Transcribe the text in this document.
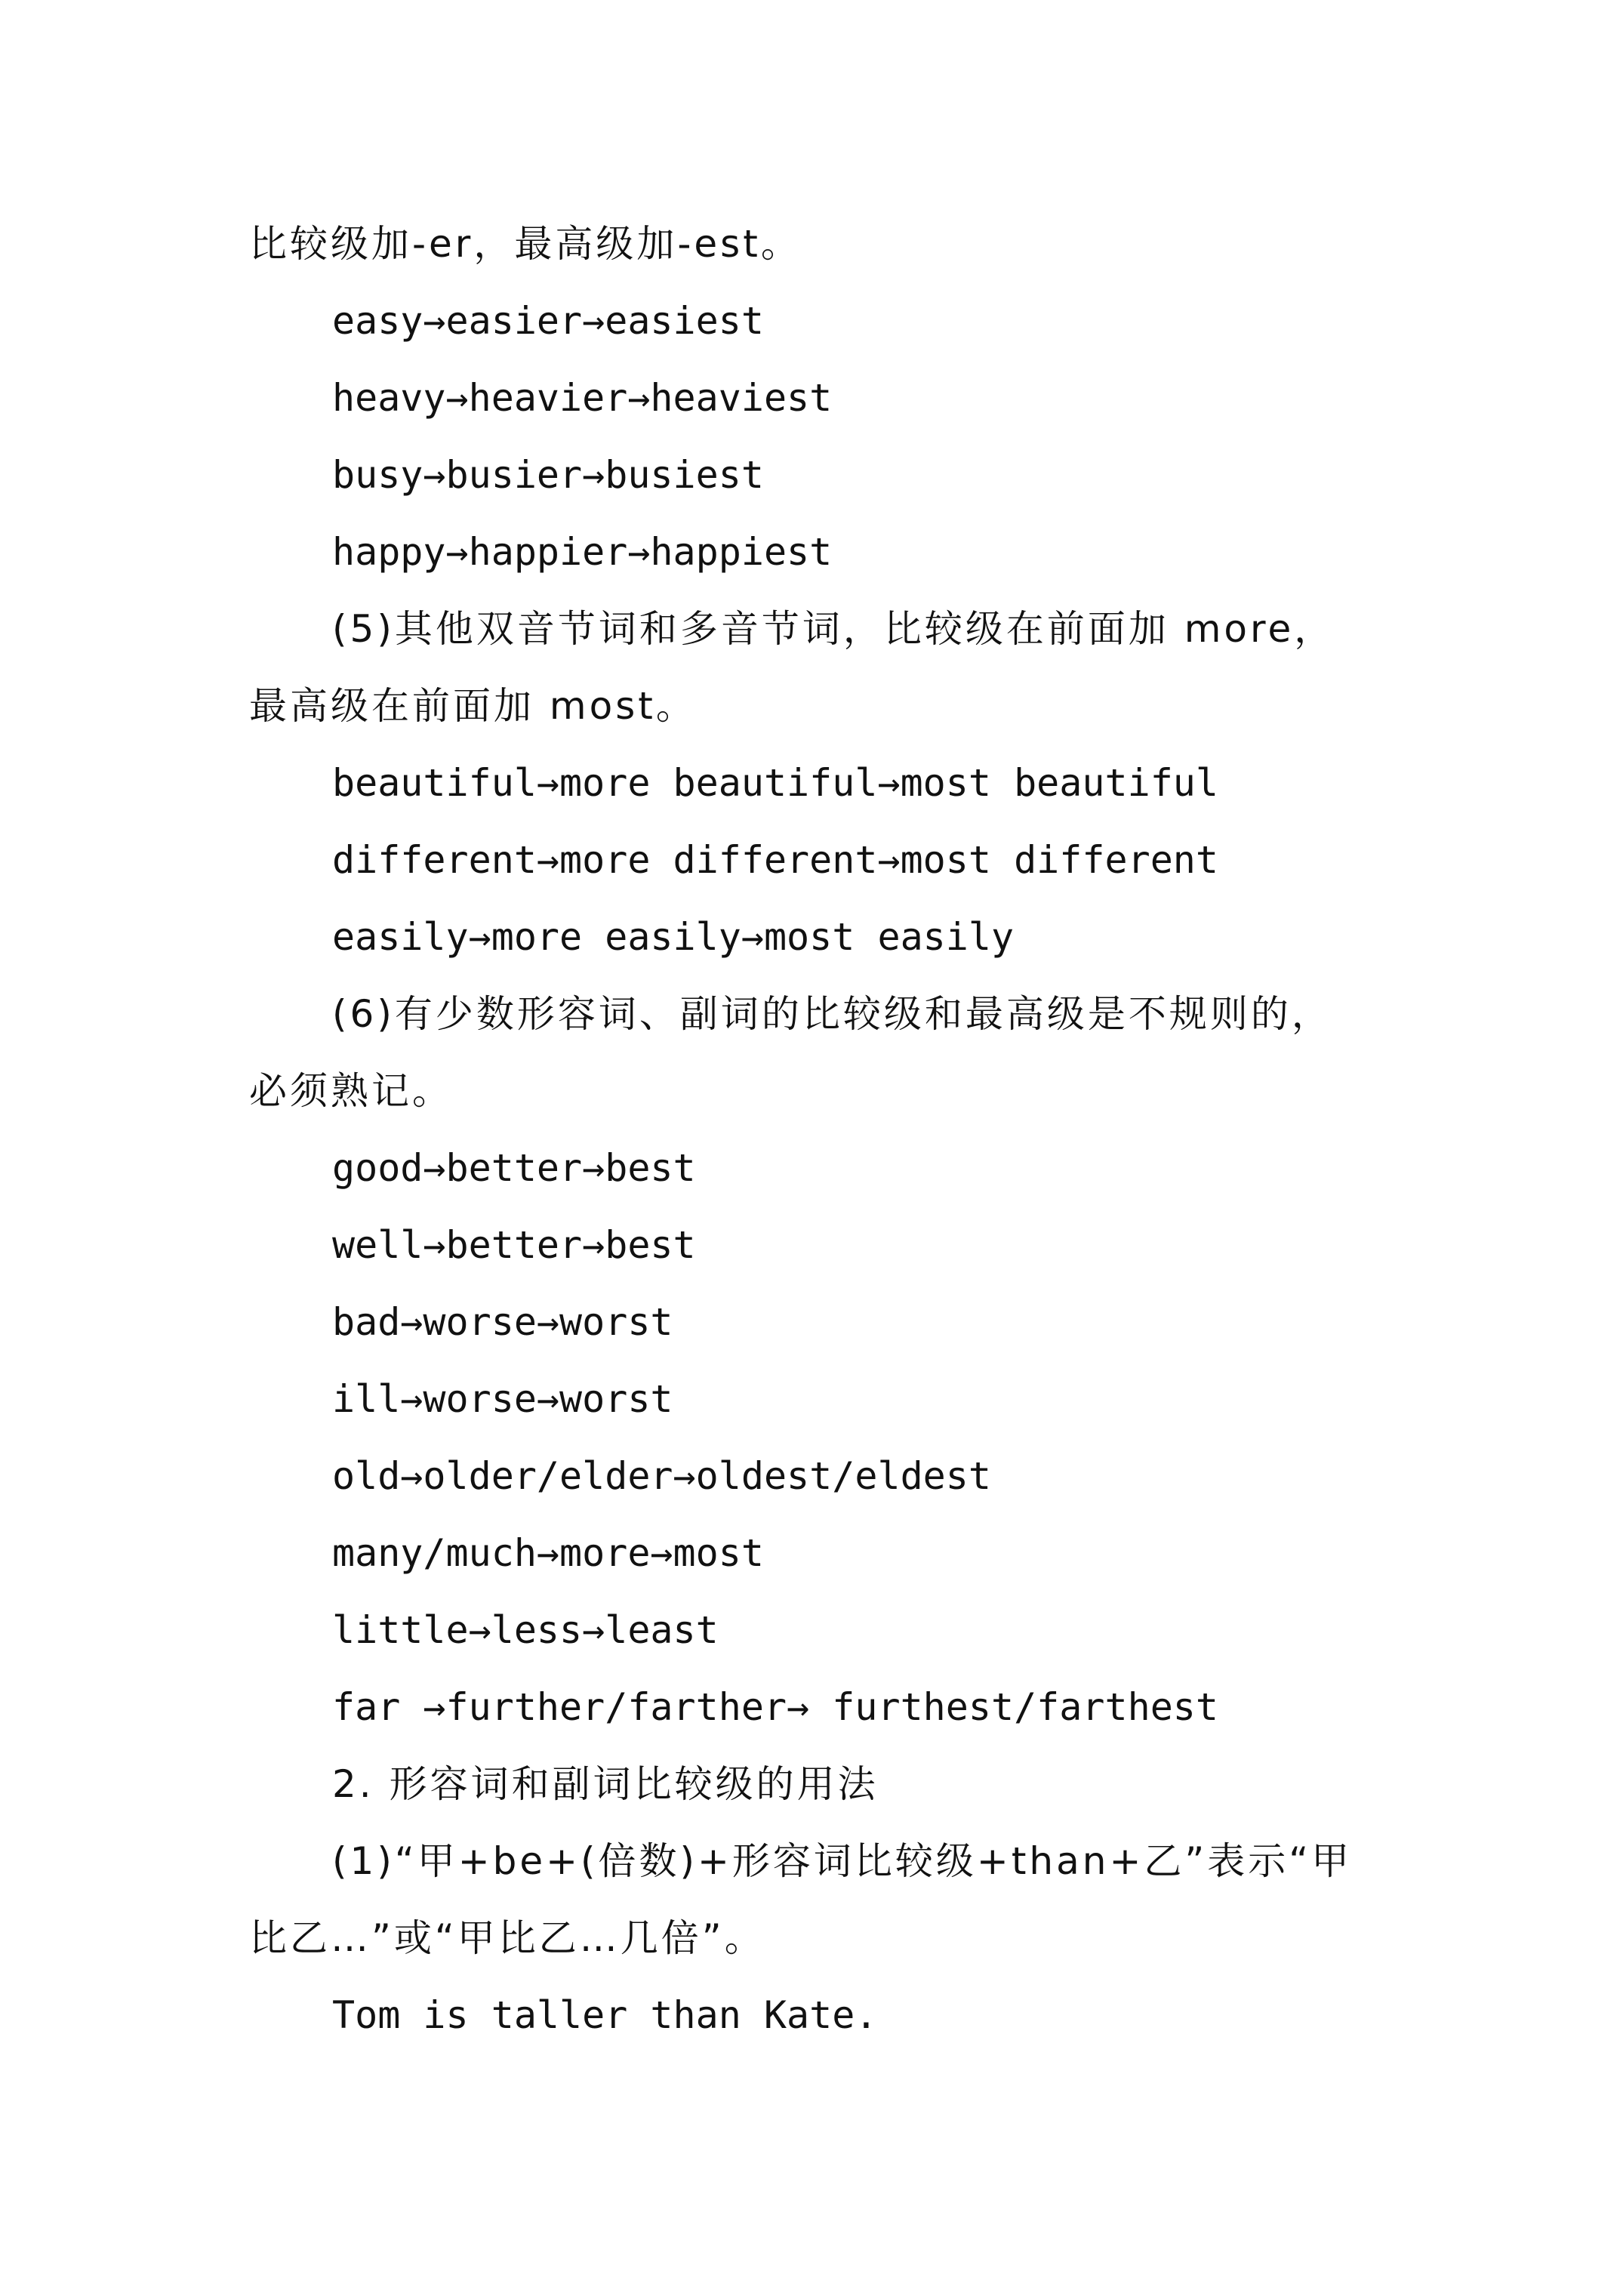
比较级加-er，最高级加-est。
easy→easier→easiest
heavy→heavier→heaviest
busy→busier→busiest
happy→happier→happiest
(5)其他双音节词和多音节词，比较级在前面加 more，
最高级在前面加 most。
beautiful→more beautiful→most beautiful
different→more different→most different
easily→more easily→most easily
(6)有少数形容词、副词的比较级和最高级是不规则的，
必须熟记。
good→better→best
well→better→best
bad→worse→worst
ill→worse→worst
old→older/elder→oldest/eldest
many/much→more→most
little→less→least
far →further/farther→ furthest/farthest
2. 形容词和副词比较级的用法
(1)“甲+be+(倍数)+形容词比较级+than+乙”表示“甲
比乙…”或“甲比乙…几倍”。
Tom is taller than Kate.
